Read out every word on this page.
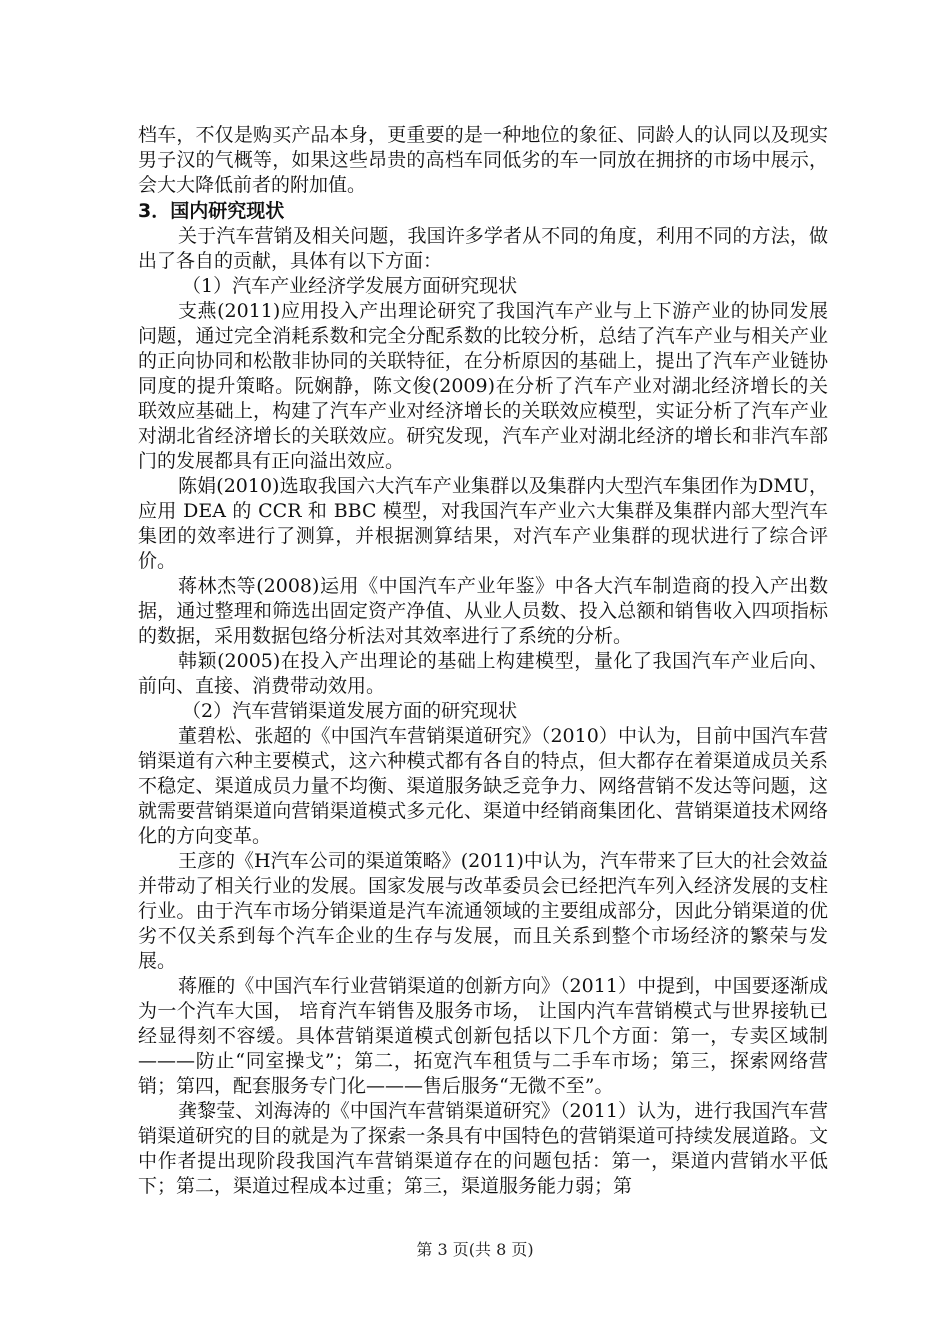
档车，不仅是购买产品本身，更重要的是一种地位的象征、同龄人的认同以及现实男子汉的气概等，如果这些昂贵的高档车同低劣的车一同放在拥挤的市场中展示，会大大降低前者的附加值。

3．国内研究现状

关于汽车营销及相关问题，我国许多学者从不同的角度，利用不同的方法，做出了各自的贡献，具体有以下方面：

（1）汽车产业经济学发展方面研究现状

支燕(2011)应用投入产出理论研究了我国汽车产业与上下游产业的协同发展问题，通过完全消耗系数和完全分配系数的比较分析，总结了汽车产业与相关产业的正向协同和松散非协同的关联特征，在分析原因的基础上，提出了汽车产业链协同度的提升策略。阮娴静，陈文俊(2009)在分析了汽车产业对湖北经济增长的关联效应基础上，构建了汽车产业对经济增长的关联效应模型，实证分析了汽车产业对湖北省经济增长的关联效应。研究发现，汽车产业对湖北经济的增长和非汽车部门的发展都具有正向溢出效应。

陈娟(2010)选取我国六大汽车产业集群以及集群内大型汽车集团作为DMU，应用 DEA 的 CCR 和 BBC 模型，对我国汽车产业六大集群及集群内部大型汽车集团的效率进行了测算，并根据测算结果，对汽车产业集群的现状进行了综合评价。

蒋林杰等(2008)运用《中国汽车产业年鉴》中各大汽车制造商的投入产出数据，通过整理和筛选出固定资产净值、从业人员数、投入总额和销售收入四项指标的数据，采用数据包络分析法对其效率进行了系统的分析。

韩颖(2005)在投入产出理论的基础上构建模型，量化了我国汽车产业后向、前向、直接、消费带动效用。

（2）汽车营销渠道发展方面的研究现状

董碧松、张超的《中国汽车营销渠道研究》（2010）中认为，目前中国汽车营销渠道有六种主要模式，这六种模式都有各自的特点，但大都存在着渠道成员关系不稳定、渠道成员力量不均衡、渠道服务缺乏竞争力、网络营销不发达等问题，这就需要营销渠道向营销渠道模式多元化、渠道中经销商集团化、营销渠道技术网络化的方向变革。

王彦的《H汽车公司的渠道策略》(2011)中认为，汽车带来了巨大的社会效益并带动了相关行业的发展。国家发展与改革委员会已经把汽车列入经济发展的支柱行业。由于汽车市场分销渠道是汽车流通领域的主要组成部分，因此分销渠道的优劣不仅关系到每个汽车企业的生存与发展，而且关系到整个市场经济的繁荣与发展。

蒋雁的《中国汽车行业营销渠道的创新方向》（2011）中提到，中国要逐渐成为一个汽车大国， 培育汽车销售及服务市场， 让国内汽车营销模式与世界接轨已经显得刻不容缓。具体营销渠道模式创新包括以下几个方面：第一，专卖区域制———防止“同室操戈”；第二，拓宽汽车租赁与二手车市场；第三，探索网络营销；第四，配套服务专门化———售后服务“无微不至”。

龚黎莹、刘海涛的《中国汽车营销渠道研究》（2011）认为，进行我国汽车营销渠道研究的目的就是为了探索一条具有中国特色的营销渠道可持续发展道路。文中作者提出现阶段我国汽车营销渠道存在的问题包括：第一，渠道内营销水平低下；第二，渠道过程成本过重；第三，渠道服务能力弱；第

第 3 页(共 8 页)
